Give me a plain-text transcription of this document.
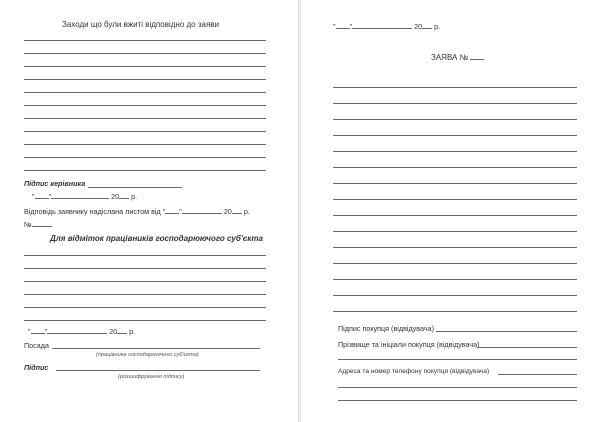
Заходи що були вжиті відповідно до заяви
Підпис керівника
" "	20 р.
Відповідь заявнику надіслана листом від " "	20 р.
№
Для відміток працівників господарюючого суб'єкта
" "	20 р.
Посада
(працівника господарюючого суб'єкта)
Підпис
(розшифрування підпису)
" "	20 р.
ЗАЯВА №
Підпис покупця (відвідувача)
Прізвище та ініціали покупця (відвідувача)
Адреса та номер телефону покупця (відвідувача)
